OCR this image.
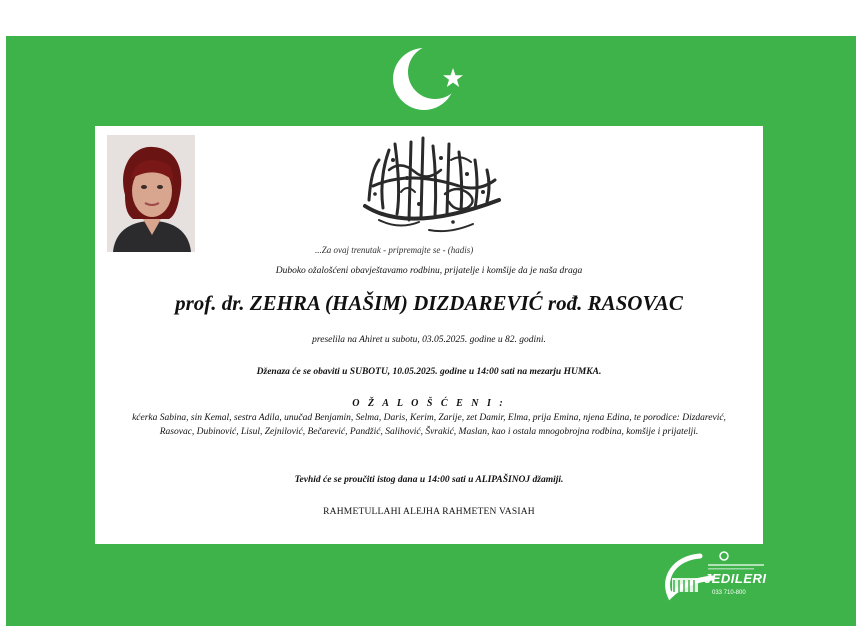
...Za ovaj trenutak - pripremajte se - (hadis)
Duboko ožalošćeni obavještavamo rodbinu, prijatelje i komšije da je naša draga
prof. dr. ZEHRA (HAŠIM) DIZDAREVIĆ rođ. RASOVAC
preselila na Ahiret u subotu, 03.05.2025. godine u 82. godini.
Dženaza će se obaviti u SUBOTU, 10.05.2025. godine u 14:00 sati na mezarju HUMKA.
O Ž A L O Š Ć E N I :
kćerka Sabina, sin Kemal, sestra Adila, unučad Benjamin, Selma, Daris, Kerim, Zarije, zet Damir, Elma, prija Emina, njena Edina, te porodice: Dizdarević, Rasovac, Dubinović, Lisul, Zejnilović, Bečarević, Pandžić, Salihović, Švrakić, Maslan, kao i ostala mnogobrojna rodbina, komšije i prijatelji.
Tevhid će se proučiti istog dana u 14:00 sati u ALIPAŠINOJ džamiji.
RAHMETULLAHI ALEJHA RAHMETEN VASIAH
JEDILERI
033 710-800
